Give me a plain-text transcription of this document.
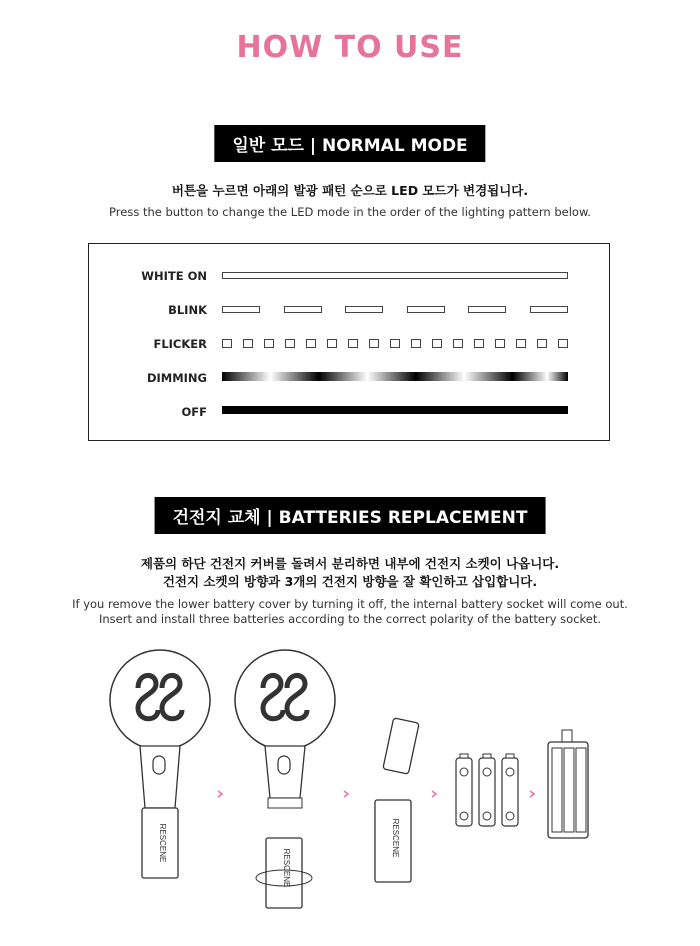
HOW TO USE
일반 모드 | NORMAL MODE
버튼을 누르면 아래의 발광 패턴 순으로 LED 모드가 변경됩니다.
Press the button to change the LED mode in the order of the lighting pattern below.
WHITE ON
BLINK
FLICKER
DIMMING
OFF
건전지 교체 | BATTERIES REPLACEMENT
제품의 하단 건전지 커버를 돌려서 분리하면 내부에 건전지 소켓이 나옵니다.
건전지 소켓의 방향과 3개의 건전지 방향을 잘 확인하고 삽입합니다.
If you remove the lower battery cover by turning it off, the internal battery socket will come out.
Insert and install three batteries according to the correct polarity of the battery socket.
RESCENE
RESCENE
RESCENE
